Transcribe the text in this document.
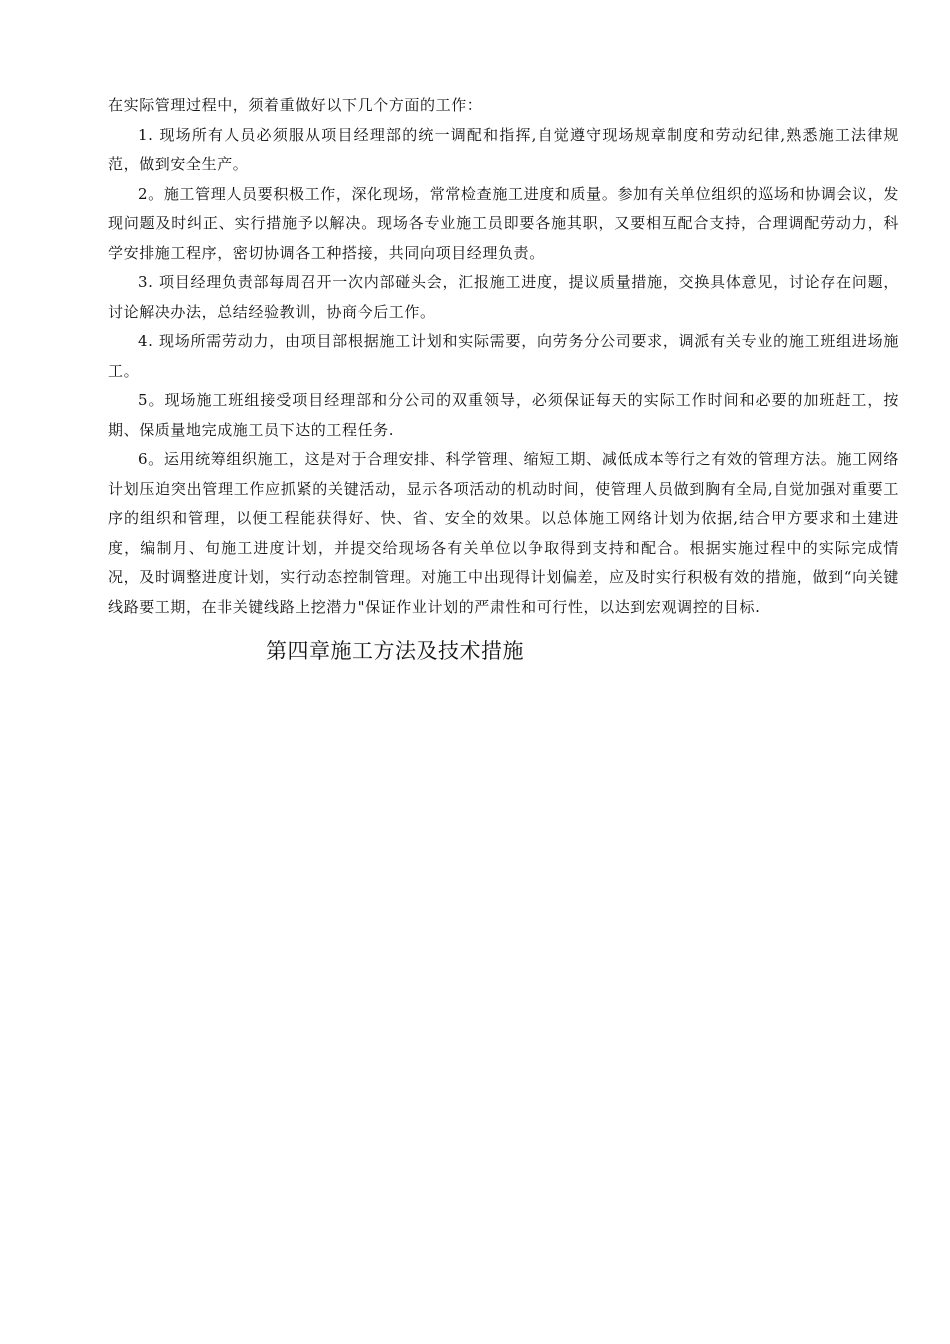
在实际管理过程中，须着重做好以下几个方面的工作：

1. 现场所有人员必须服从项目经理部的统一调配和指挥,自觉遵守现场规章制度和劳动纪律,熟悉施工法律规范，做到安全生产。

2。施工管理人员要积极工作，深化现场，常常检查施工进度和质量。参加有关单位组织的巡场和协调会议，发现问题及时纠正、实行措施予以解决。现场各专业施工员即要各施其职，又要相互配合支持，合理调配劳动力，科学安排施工程序，密切协调各工种搭接，共同向项目经理负责。

3. 项目经理负责部每周召开一次内部碰头会，汇报施工进度，提议质量措施，交换具体意见，讨论存在问题，讨论解决办法，总结经验教训，协商今后工作。

4. 现场所需劳动力，由项目部根据施工计划和实际需要，向劳务分公司要求，调派有关专业的施工班组进场施工。

5。现场施工班组接受项目经理部和分公司的双重领导，必须保证每天的实际工作时间和必要的加班赶工，按期、保质量地完成施工员下达的工程任务.

6。运用统筹组织施工，这是对于合理安排、科学管理、缩短工期、减低成本等行之有效的管理方法。施工网络计划压迫突出管理工作应抓紧的关键活动，显示各项活动的机动时间，使管理人员做到胸有全局,自觉加强对重要工序的组织和管理，以便工程能获得好、快、省、安全的效果。以总体施工网络计划为依据,结合甲方要求和土建进度，编制月、旬施工进度计划，并提交给现场各有关单位以争取得到支持和配合。根据实施过程中的实际完成情况，及时调整进度计划，实行动态控制管理。对施工中出现得计划偏差，应及时实行积极有效的措施，做到“向关键线路要工期，在非关键线路上挖潜力"保证作业计划的严肃性和可行性，以达到宏观调控的目标.

第四章施工方法及技术措施
